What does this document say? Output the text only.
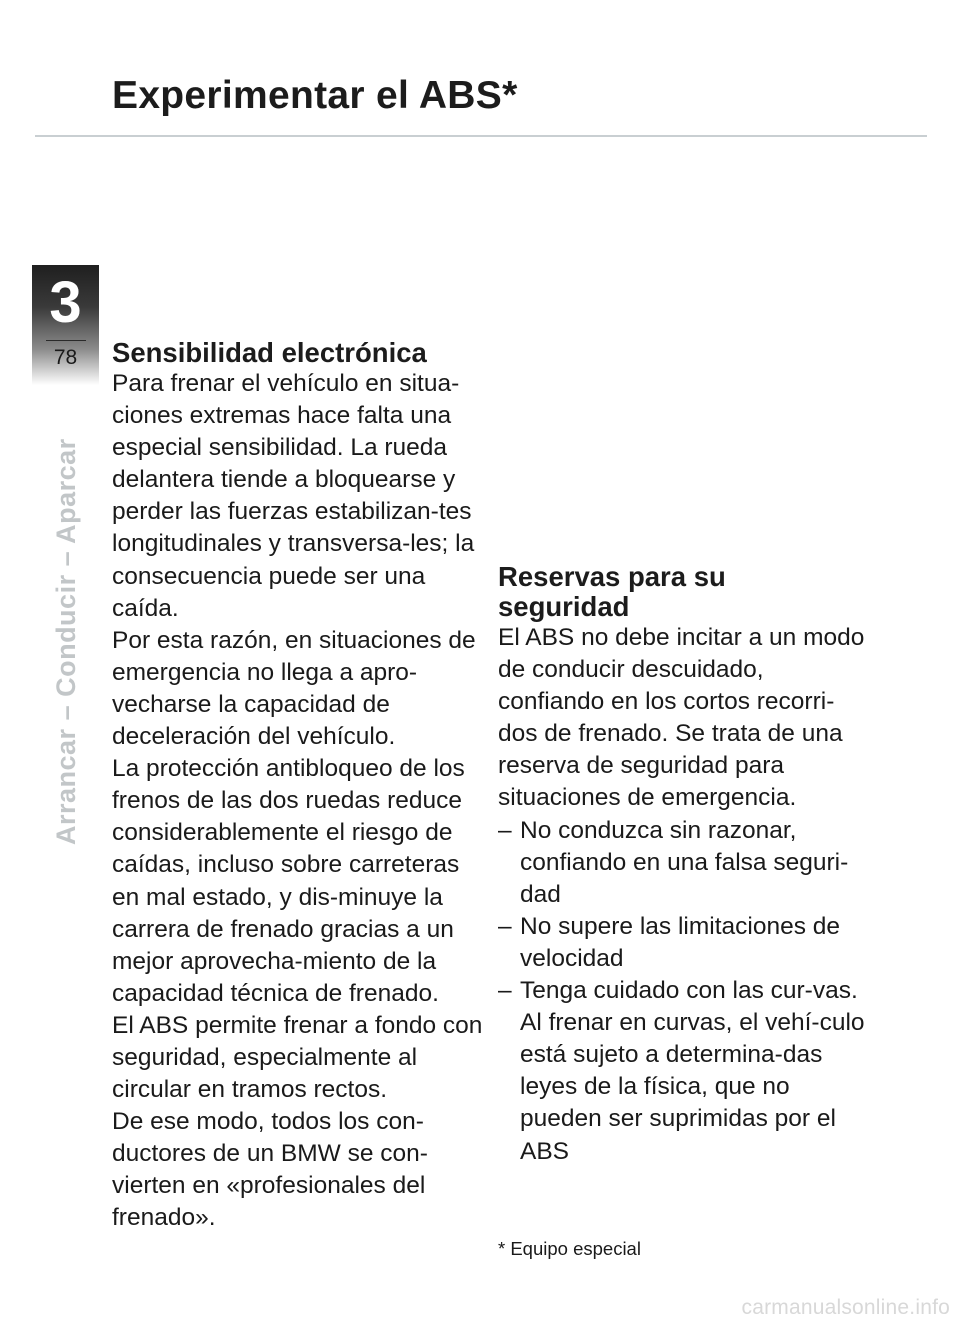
Experimentar el ABS*
3
78
Arrancar – Conducir – Aparcar
Sensibilidad electrónica

Para frenar el vehículo en situa-ciones extremas hace falta una especial sensibilidad. La rueda delantera tiende a bloquearse y perder las fuerzas estabilizan-tes longitudinales y transversa-les; la consecuencia puede ser una caída.

Por esta razón, en situaciones de emergencia no llega a apro-vecharse la capacidad de deceleración del vehículo.

La protección antibloqueo de los frenos de las dos ruedas reduce considerablemente el riesgo de caídas, incluso sobre carreteras en mal estado, y dis-minuye la carrera de frenado gracias a un mejor aprovecha-miento de la capacidad técnica de frenado.

El ABS permite frenar a fondo con seguridad, especialmente al circular en tramos rectos.

De ese modo, todos los con-ductores de un BMW se con-vierten en «profesionales del frenado».

Reservas para su
seguridad

El ABS no debe incitar a un modo de conducir descuidado, confiando en los cortos recorri-dos de frenado. Se trata de una reserva de seguridad para situaciones de emergencia.

– No conduzca sin razonar, confiando en una falsa seguri-dad
– No supere las limitaciones de velocidad
– Tenga cuidado con las cur-vas.
Al frenar en curvas, el vehí-culo está sujeto a determina-das leyes de la física, que no pueden ser suprimidas por el ABS
* Equipo especial
carmanualsonline.info
